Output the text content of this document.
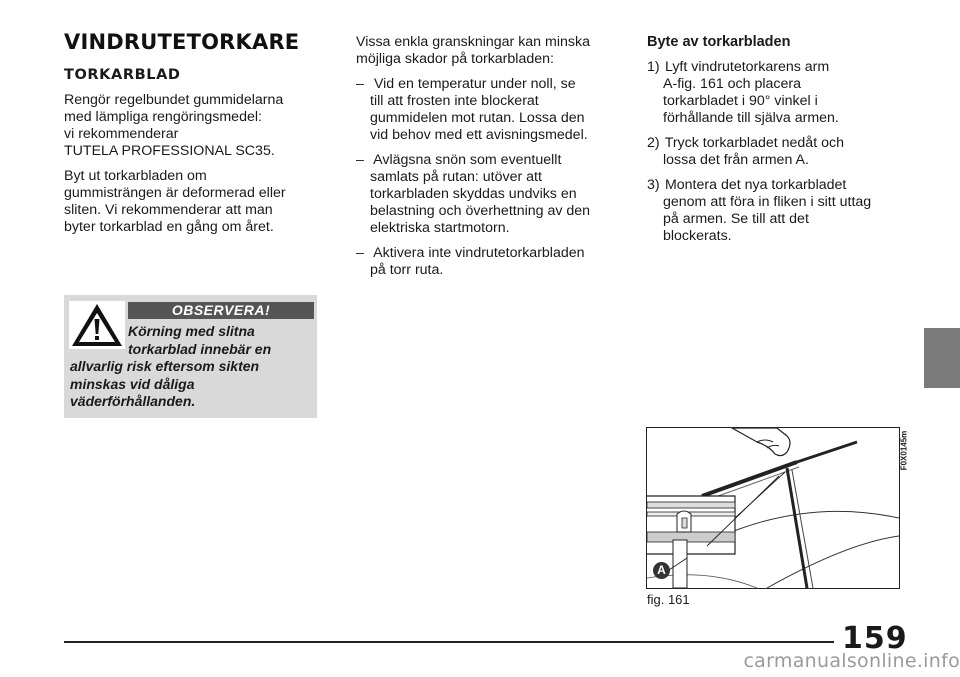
VINDRUTETORKARE
TORKARBLAD

Rengör regelbundet gummidelarna
med lämpliga rengöringsmedel:
vi rekommenderar
TUTELA PROFESSIONAL SC35.

Byt ut torkarbladen om
gummisträngen är deformerad eller
sliten. Vi rekommenderar att man
byter torkarblad en gång om året.

OBSERVERA!
Körning med slitna
torkarblad innebär en
allvarlig risk eftersom sikten
minskas vid dåliga
väderförhållanden.

Vissa enkla granskningar kan minska
möjliga skador på torkarbladen:

– Vid en temperatur under noll, se
till att frosten inte blockerat
gummidelen mot rutan. Lossa den
vid behov med ett avisningsmedel.
– Avlägsna snön som eventuellt
samlats på rutan: utöver att
torkarbladen skyddas undviks en
belastning och överhettning av den
elektriska startmotorn.
– Aktivera inte vindrutetorkarbladen
på torr ruta.
Byte av torkarbladen
1) Lyft vindrutetorkarens arm
A-fig. 161 och placera
torkarbladet i 90° vinkel i
förhållande till själva armen.
2) Tryck torkarbladet nedåt och
lossa det från armen A.
3) Montera det nya torkarbladet
genom att föra in fliken i sitt uttag
på armen. Se till att det
blockerats.
A
F0X0145m
fig. 161
159
carmanualsonline.info
